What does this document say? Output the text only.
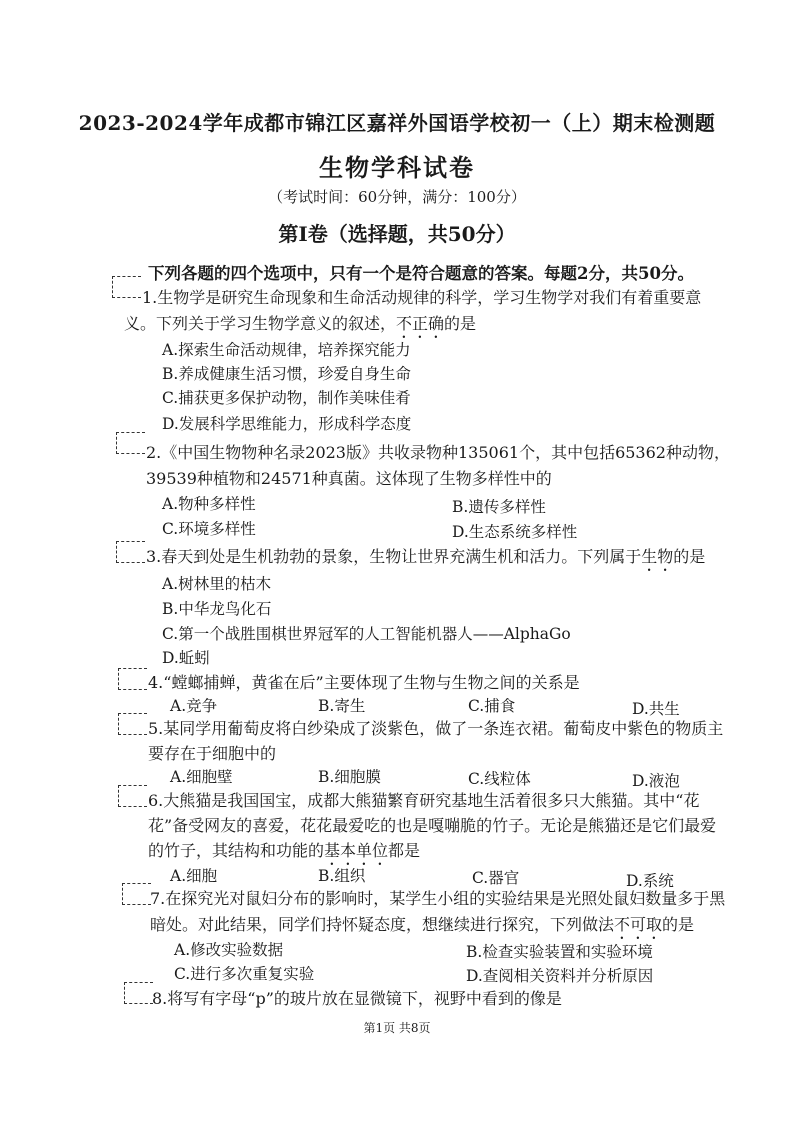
2023-2024学年成都市锦江区嘉祥外国语学校初一（上）期末检测题
生物学科试卷
（考试时间：60分钟，满分：100分）
第Ⅰ卷（选择题，共50分）
下列各题的四个选项中，只有一个是符合题意的答案。每题2分，共50分。
1.生物学是研究生命现象和生命活动规律的科学，学习生物学对我们有着重要意
义。下列关于学习生物学意义的叙述，不正确的是
A.探索生命活动规律，培养探究能力
B.养成健康生活习惯，珍爱自身生命
C.捕获更多保护动物，制作美味佳肴
D.发展科学思维能力，形成科学态度
2.《中国生物物种名录2023版》共收录物种135061个，其中包括65362种动物，
39539种植物和24571种真菌。这体现了生物多样性中的
A.物种多样性	B.遗传多样性
C.环境多样性	D.生态系统多样性
3.春天到处是生机勃勃的景象，生物让世界充满生机和活力。下列属于生物的是
A.树林里的枯木
B.中华龙鸟化石
C.第一个战胜围棋世界冠军的人工智能机器人——AlphaGo
D.蚯蚓
4.“螳螂捕蝉，黄雀在后”主要体现了生物与生物之间的关系是
A.竞争	B.寄生	C.捕食	D.共生
5.某同学用葡萄皮将白纱染成了淡紫色，做了一条连衣裙。葡萄皮中紫色的物质主
要存在于细胞中的
A.细胞壁	B.细胞膜	C.线粒体	D.液泡
6.大熊猫是我国国宝，成都大熊猫繁育研究基地生活着很多只大熊猫。其中“花
花”备受网友的喜爱，花花最爱吃的也是嘎嘣脆的竹子。无论是熊猫还是它们最爱
的竹子，其结构和功能的基本单位都是
A.细胞	B.组织	C.器官	D.系统
7.在探究光对鼠妇分布的影响时，某学生小组的实验结果是光照处鼠妇数量多于黑
暗处。对此结果，同学们持怀疑态度，想继续进行探究，下列做法不可取的是
A.修改实验数据	B.检查实验装置和实验环境
C.进行多次重复实验	D.查阅相关资料并分析原因
8.将写有字母“p”的玻片放在显微镜下，视野中看到的像是
第1页 共8页
